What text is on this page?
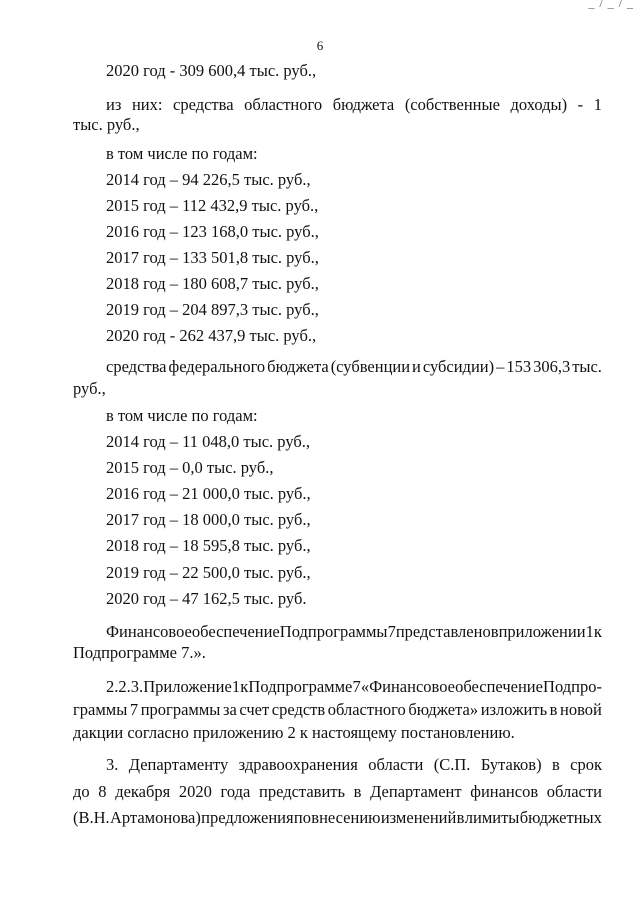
_ / _ / _
6
2020 год - 309 600,4 тыс. руб.,
из них: средства областного бюджета (собственные доходы) - 1
тыс. руб.,
в том числе по годам:
2014 год – 94 226,5 тыс. руб.,
2015 год – 112 432,9 тыс. руб.,
2016 год – 123 168,0 тыс. руб.,
2017 год – 133 501,8 тыс. руб.,
2018 год – 180 608,7 тыс. руб.,
2019 год – 204 897,3 тыс. руб.,
2020 год - 262 437,9 тыс. руб.,
средства федерального бюджета (субвенции и субсидии) – 153 306,3 тыс.
руб.,
в том числе по годам:
2014 год – 11 048,0 тыс. руб.,
2015 год – 0,0 тыс. руб.,
2016 год – 21 000,0 тыс. руб.,
2017 год – 18 000,0 тыс. руб.,
2018 год – 18 595,8 тыс. руб.,
2019 год – 22 500,0 тыс. руб.,
2020 год – 47 162,5 тыс. руб.
Финансовое обеспечение Подпрограммы 7 представлено в приложении 1 к
Подпрограмме 7.».
2.2.3. Приложение 1 к Подпрограмме 7 «Финансовое обеспечение Подпро-
граммы 7 программы за счет средств областного бюджета» изложить в новой
дакции согласно приложению 2 к настоящему постановлению.
3. Департаменту здравоохранения области (С.П. Бутаков) в срок
до 8 декабря 2020 года представить в Департамент финансов области
(В.Н. Артамонова) предложения по внесению изменений в лимиты бюджетных
